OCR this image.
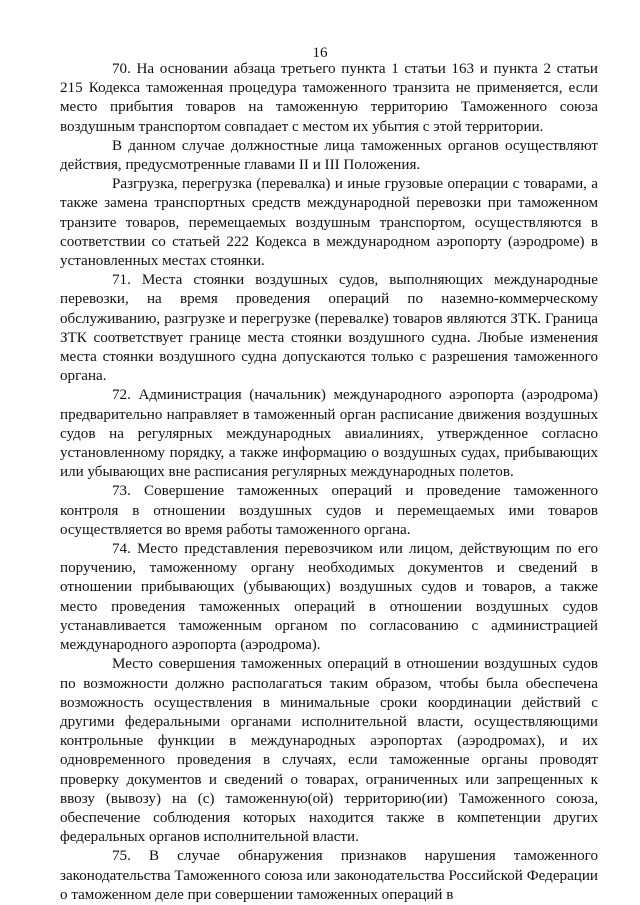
16

70. На основании абзаца третьего пункта 1 статьи 163 и пункта 2 статьи 215 Кодекса таможенная процедура таможенного транзита не применяется, если место прибытия товаров на таможенную территорию Таможенного союза воздушным транспортом совпадает с местом их убытия с этой территории.

В данном случае должностные лица таможенных органов осуществляют действия, предусмотренные главами II и III Положения.

Разгрузка, перегрузка (перевалка) и иные грузовые операции с товарами, а также замена транспортных средств международной перевозки при таможенном транзите товаров, перемещаемых воздушным транспортом, осуществляются в соответствии со статьей 222 Кодекса в международном аэропорту (аэродроме) в установленных местах стоянки.

71. Места стоянки воздушных судов, выполняющих международные перевозки, на время проведения операций по наземно-коммерческому обслуживанию, разгрузке и перегрузке (перевалке) товаров являются ЗТК. Граница ЗТК соответствует границе места стоянки воздушного судна. Любые изменения места стоянки воздушного судна допускаются только с разрешения таможенного органа.

72. Администрация (начальник) международного аэропорта (аэродрома) предварительно направляет в таможенный орган расписание движения воздушных судов на регулярных международных авиалиниях, утвержденное согласно установленному порядку, а также информацию о воздушных судах, прибывающих или убывающих вне расписания регулярных международных полетов.

73. Совершение таможенных операций и проведение таможенного контроля в отношении воздушных судов и перемещаемых ими товаров осуществляется во время работы таможенного органа.

74. Место представления перевозчиком или лицом, действующим по его поручению, таможенному органу необходимых документов и сведений в отношении прибывающих (убывающих) воздушных судов и товаров, а также место проведения таможенных операций в отношении воздушных судов устанавливается таможенным органом по согласованию с администрацией международного аэропорта (аэродрома).

Место совершения таможенных операций в отношении воздушных судов по возможности должно располагаться таким образом, чтобы была обеспечена возможность осуществления в минимальные сроки координации действий с другими федеральными органами исполнительной власти, осуществляющими контрольные функции в международных аэропортах (аэродромах), и их одновременного проведения в случаях, если таможенные органы проводят проверку документов и сведений о товарах, ограниченных или запрещенных к ввозу (вывозу) на (с) таможенную(ой) территорию(ии) Таможенного союза, обеспечение соблюдения которых находится также в компетенции других федеральных органов исполнительной власти.

75. В случае обнаружения признаков нарушения таможенного законодательства Таможенного союза или законодательства Российской Федерации о таможенном деле при совершении таможенных операций в
